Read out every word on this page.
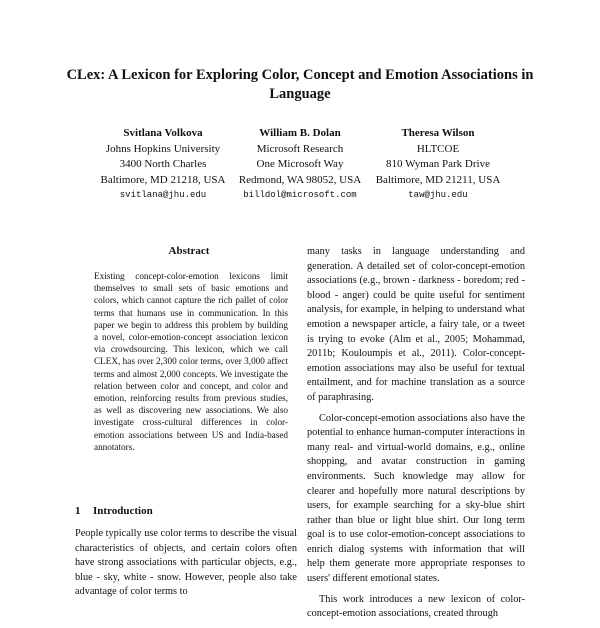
CLex: A Lexicon for Exploring Color, Concept and Emotion Associations in Language
Svitlana Volkova
Johns Hopkins University
3400 North Charles
Baltimore, MD 21218, USA
svitlana@jhu.edu
William B. Dolan
Microsoft Research
One Microsoft Way
Redmond, WA 98052, USA
billdol@microsoft.com
Theresa Wilson
HLTCOE
810 Wyman Park Drive
Baltimore, MD 21211, USA
taw@jhu.edu
Abstract

Existing concept-color-emotion lexicons limit themselves to small sets of basic emotions and colors, which cannot capture the rich pallet of color terms that humans use in communication. In this paper we begin to address this problem by building a novel, color-emotion-concept association lexicon via crowdsourcing. This lexicon, which we call CLEX, has over 2,300 color terms, over 3,000 affect terms and almost 2,000 concepts. We investigate the relation between color and concept, and color and emotion, reinforcing results from previous studies, as well as discovering new associations. We also investigate cross-cultural differences in color-emotion associations between US and India-based annotators.

1 Introduction

People typically use color terms to describe the visual characteristics of objects, and certain colors often have strong associations with particular objects, e.g., blue - sky, white - snow. However, people also take advantage of color terms to

many tasks in language understanding and generation. A detailed set of color-concept-emotion associations (e.g., brown - darkness - boredom; red - blood - anger) could be quite useful for sentiment analysis, for example, in helping to understand what emotion a newspaper article, a fairy tale, or a tweet is trying to evoke (Alm et al., 2005; Mohammad, 2011b; Kouloumpis et al., 2011). Color-concept-emotion associations may also be useful for textual entailment, and for machine translation as a source of paraphrasing.

Color-concept-emotion associations also have the potential to enhance human-computer interactions in many real- and virtual-world domains, e.g., online shopping, and avatar construction in gaming environments. Such knowledge may allow for clearer and hopefully more natural descriptions by users, for example searching for a sky-blue shirt rather than blue or light blue shirt. Our long term goal is to use color-emotion-concept associations to enrich dialog systems with information that will help them generate more appropriate responses to users' different emotional states.

This work introduces a new lexicon of color-concept-emotion associations, created through
